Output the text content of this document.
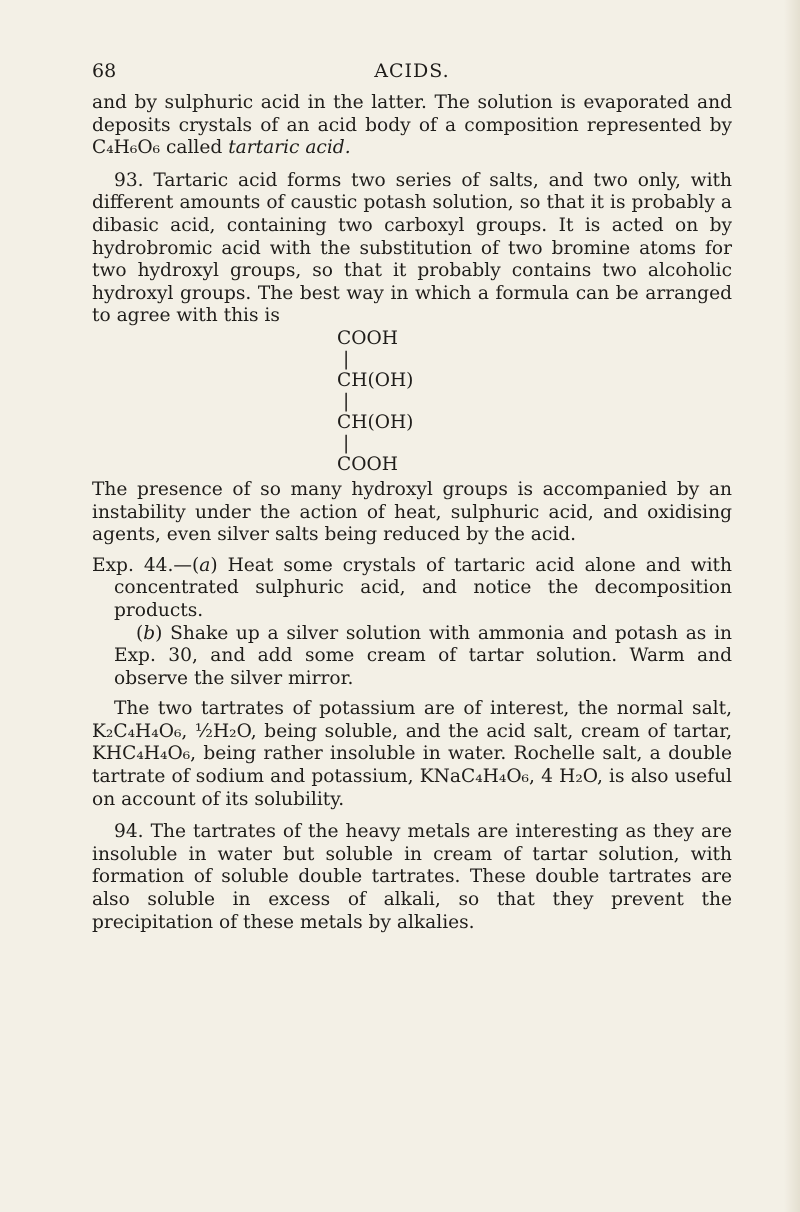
68	ACIDS.

and by sulphuric acid in the latter. The solution is evaporated and deposits crystals of an acid body of a composition represented by C₄H₆O₆ called tartaric acid.

93. Tartaric acid forms two series of salts, and two only, with different amounts of caustic potash solution, so that it is probably a dibasic acid, containing two carboxyl groups. It is acted on by hydrobromic acid with the substitution of two bromine atoms for two hydroxyl groups, so that it probably contains two alcoholic hydroxyl groups. The best way in which a formula can be arranged to agree with this is

COOH
|
CH(OH)
|
CH(OH)
|
COOH

The presence of so many hydroxyl groups is accompanied by an instability under the action of heat, sulphuric acid, and oxidising agents, even silver salts being reduced by the acid.

Exp. 44.—(a) Heat some crystals of tartaric acid alone and with concentrated sulphuric acid, and notice the decomposition products.

(b) Shake up a silver solution with ammonia and potash as in Exp. 30, and add some cream of tartar solution. Warm and observe the silver mirror.

The two tartrates of potassium are of interest, the normal salt, K₂C₄H₄O₆, ½H₂O, being soluble, and the acid salt, cream of tartar, KHC₄H₄O₆, being rather insoluble in water. Rochelle salt, a double tartrate of sodium and potassium, KNaC₄H₄O₆, 4 H₂O, is also useful on account of its solubility.

94. The tartrates of the heavy metals are interesting as they are insoluble in water but soluble in cream of tartar solution, with formation of soluble double tartrates. These double tartrates are also soluble in excess of alkali, so that they prevent the precipitation of these metals by alkalies.
